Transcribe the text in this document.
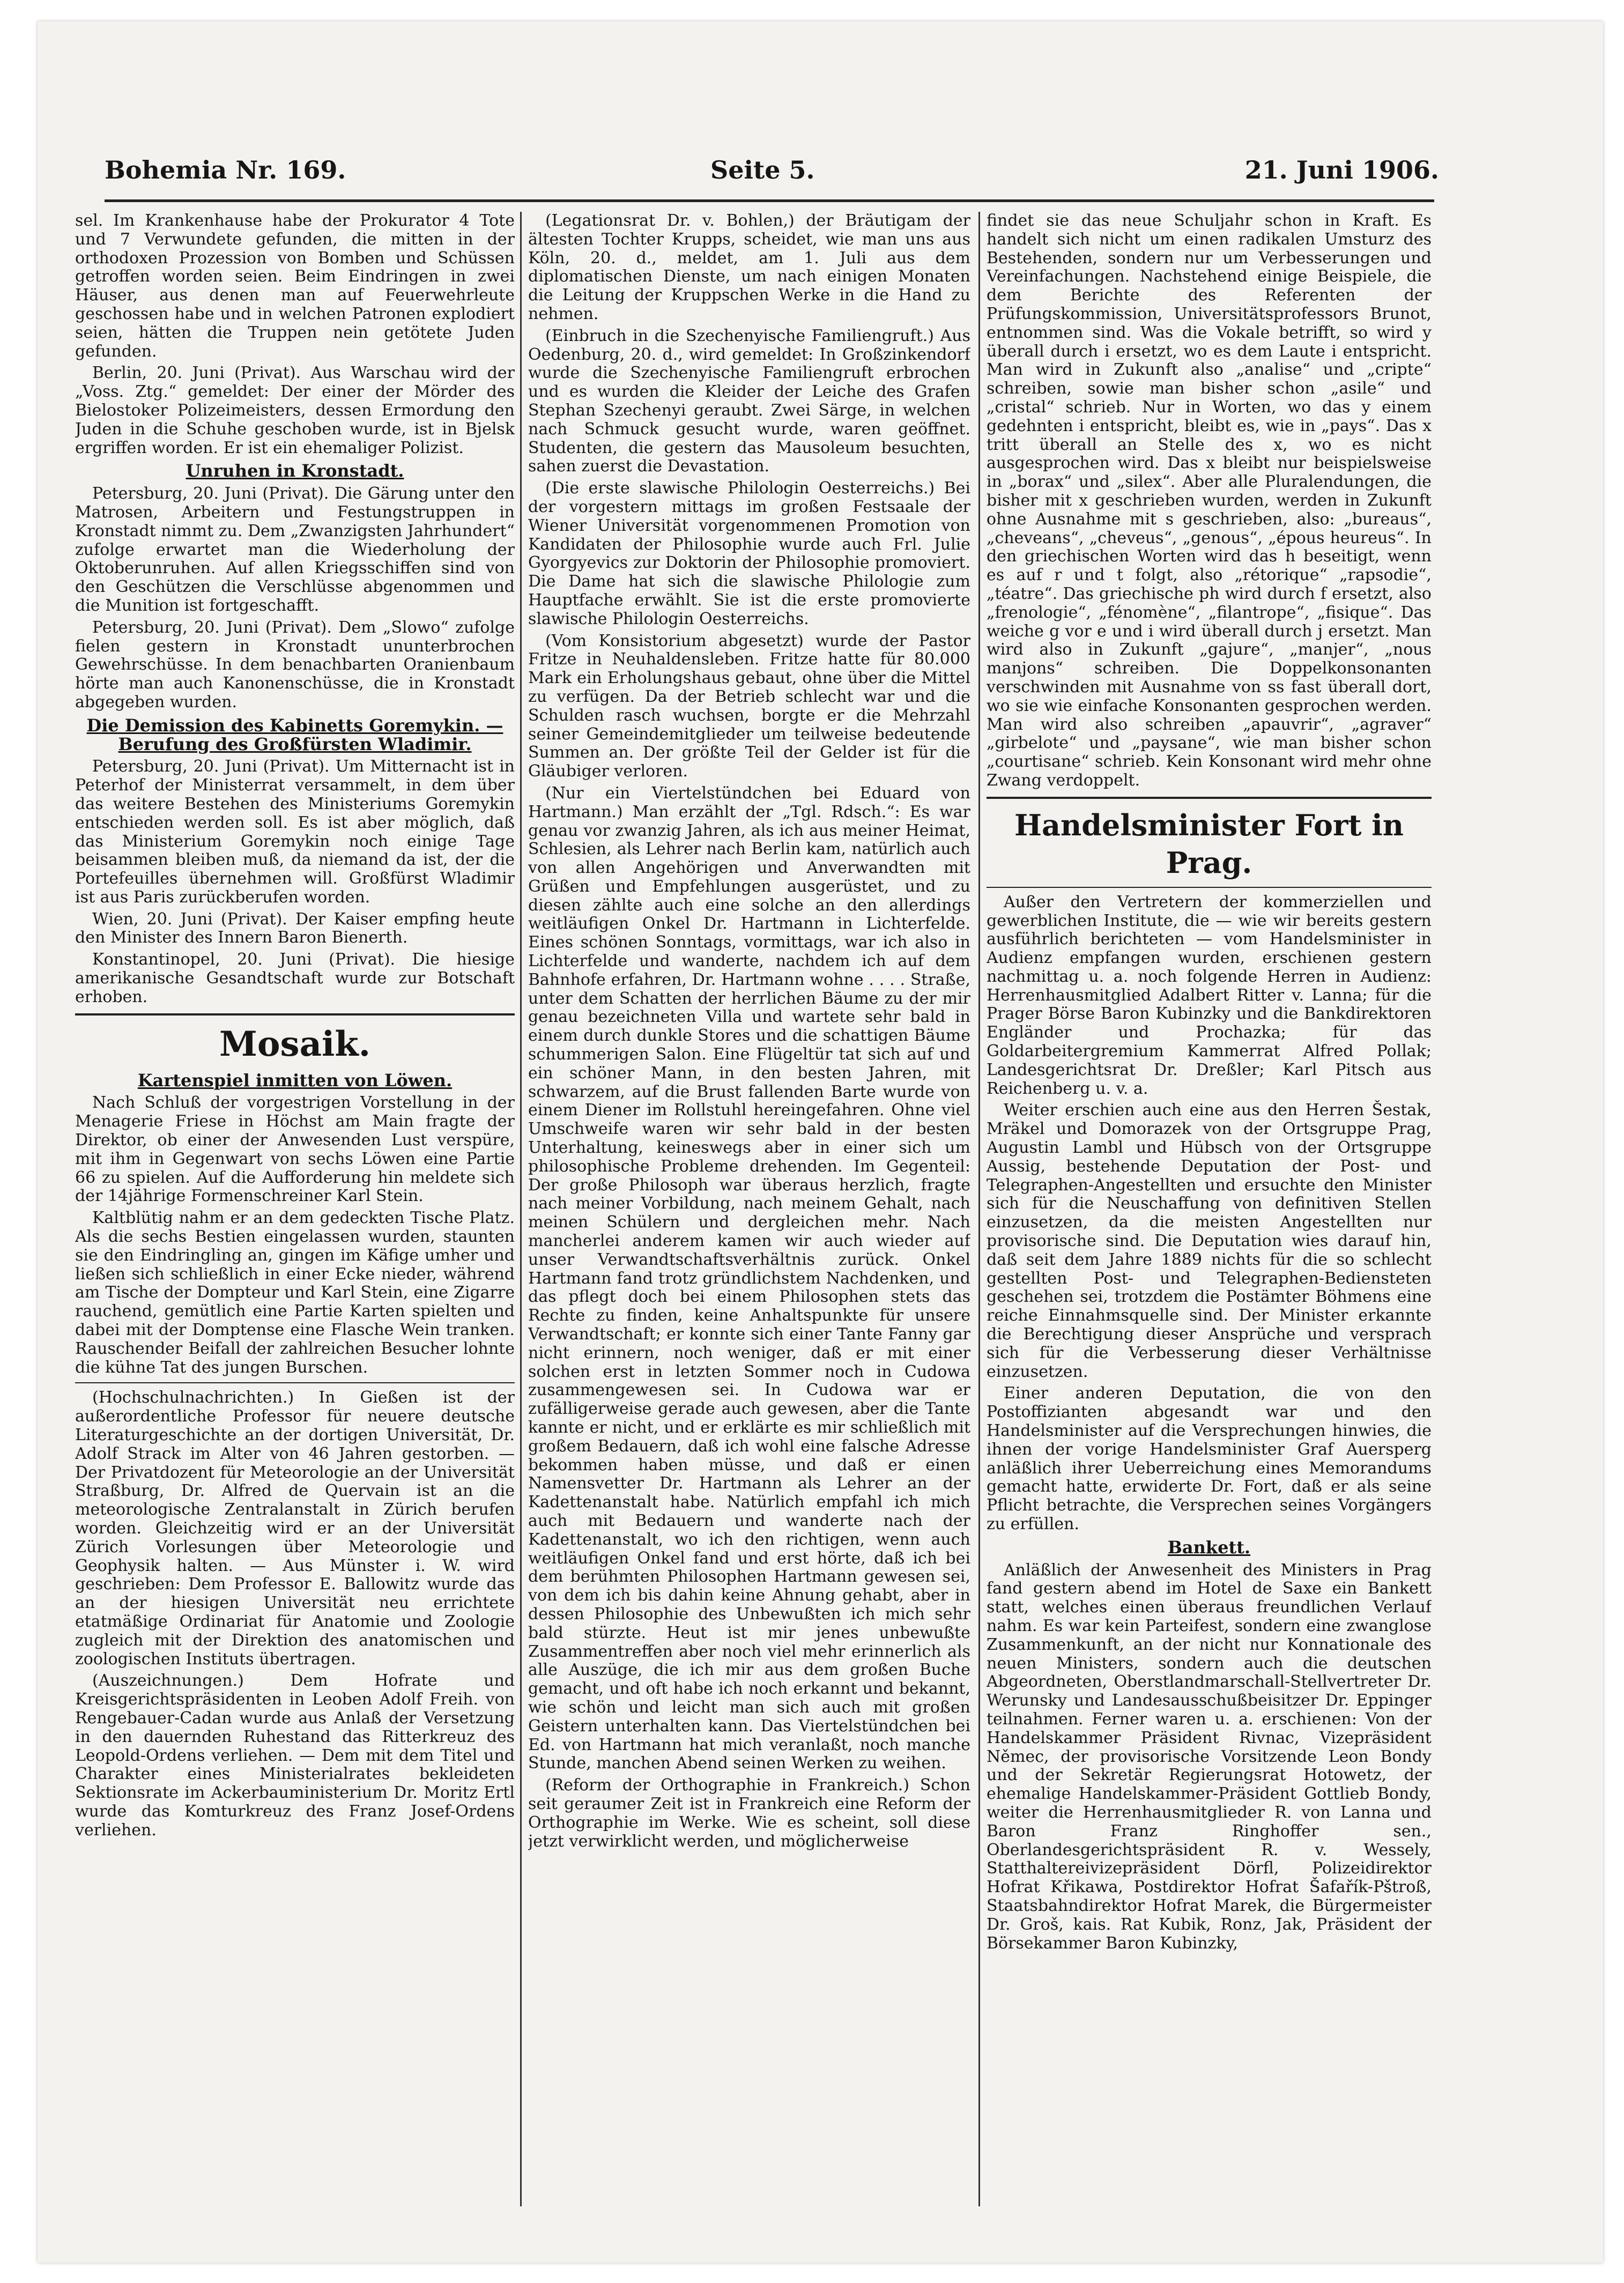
Bohemia Nr. 169.	Seite 5.	21. Juni 1906.

sel. Im Krankenhause habe der Prokurator 4 Tote und 7 Verwundete gefunden, die mitten in der orthodoxen Prozession von Bomben und Schüssen getroffen worden seien. Beim Eindringen in zwei Häuser, aus denen man auf Feuerwehrleute geschossen habe und in welchen Patronen explodiert seien, hätten die Truppen nein getötete Juden gefunden.

Berlin, 20. Juni (Privat). Aus Warschau wird der „Voss. Ztg.“ gemeldet: Der einer der Mörder des Bielostoker Polizeimeisters, dessen Ermordung den Juden in die Schuhe geschoben wurde, ist in Bjelsk ergriffen worden. Er ist ein ehemaliger Polizist.

Unruhen in Kronstadt.

Petersburg, 20. Juni (Privat). Die Gärung unter den Matrosen, Arbeitern und Festungstruppen in Kronstadt nimmt zu. Dem „Zwanzigsten Jahrhundert“ zufolge erwartet man die Wiederholung der Oktoberunruhen. Auf allen Kriegsschiffen sind von den Geschützen die Verschlüsse abgenommen und die Munition ist fortgeschafft.

Petersburg, 20. Juni (Privat). Dem „Slowo“ zufolge fielen gestern in Kronstadt ununterbrochen Gewehrschüsse. In dem benachbarten Oranienbaum hörte man auch Kanonenschüsse, die in Kronstadt abgegeben wurden.

Die Demission des Kabinetts Goremykin. — Berufung des Großfürsten Wladimir.

Petersburg, 20. Juni (Privat). Um Mitternacht ist in Peterhof der Ministerrat versammelt, in dem über das weitere Bestehen des Ministeriums Goremykin entschieden werden soll. Es ist aber möglich, daß das Ministerium Goremykin noch einige Tage beisammen bleiben muß, da niemand da ist, der die Portefeuilles übernehmen will. Großfürst Wladimir ist aus Paris zurückberufen worden.

Wien, 20. Juni (Privat). Der Kaiser empfing heute den Minister des Innern Baron Bienerth.

Konstantinopel, 20. Juni (Privat). Die hiesige amerikanische Gesandtschaft wurde zur Botschaft erhoben.

Mosaik.
Kartenspiel inmitten von Löwen.

Nach Schluß der vorgestrigen Vorstellung in der Menagerie Friese in Höchst am Main fragte der Direktor, ob einer der Anwesenden Lust verspüre, mit ihm in Gegenwart von sechs Löwen eine Partie 66 zu spielen. Auf die Aufforderung hin meldete sich der 14jährige Formenschreiner Karl Stein.

Kaltblütig nahm er an dem gedeckten Tische Platz. Als die sechs Bestien eingelassen wurden, staunten sie den Eindringling an, gingen im Käfige umher und ließen sich schließlich in einer Ecke nieder, während am Tische der Dompteur und Karl Stein, eine Zigarre rauchend, gemütlich eine Partie Karten spielten und dabei mit der Domptense eine Flasche Wein tranken. Rauschender Beifall der zahlreichen Besucher lohnte die kühne Tat des jungen Burschen.

(Hochschulnachrichten.) In Gießen ist der außerordentliche Professor für neuere deutsche Literaturgeschichte an der dortigen Universität, Dr. Adolf Strack im Alter von 46 Jahren gestorben. — Der Privatdozent für Meteorologie an der Universität Straßburg, Dr. Alfred de Quervain ist an die meteorologische Zentralanstalt in Zürich berufen worden. Gleichzeitig wird er an der Universität Zürich Vorlesungen über Meteorologie und Geophysik halten. — Aus Münster i. W. wird geschrieben: Dem Professor E. Ballowitz wurde das an der hiesigen Universität neu errichtete etatmäßige Ordinariat für Anatomie und Zoologie zugleich mit der Direktion des anatomischen und zoologischen Instituts übertragen.

(Auszeichnungen.) Dem Hofrate und Kreisgerichtspräsidenten in Leoben Adolf Freih. von Rengebauer-Cadan wurde aus Anlaß der Versetzung in den dauernden Ruhestand das Ritterkreuz des Leopold-Ordens verliehen. — Dem mit dem Titel und Charakter eines Ministerialrates bekleideten Sektionsrate im Ackerbauministerium Dr. Moritz Ertl wurde das Komturkreuz des Franz Josef-Ordens verliehen.

(Legationsrat Dr. v. Bohlen,) der Bräutigam der ältesten Tochter Krupps, scheidet, wie man uns aus Köln, 20. d., meldet, am 1. Juli aus dem diplomatischen Dienste, um nach einigen Monaten die Leitung der Kruppschen Werke in die Hand zu nehmen.

(Einbruch in die Szechenyische Familiengruft.) Aus Oedenburg, 20. d., wird gemeldet: In Großzinkendorf wurde die Szechenyische Familiengruft erbrochen und es wurden die Kleider der Leiche des Grafen Stephan Szechenyi geraubt. Zwei Särge, in welchen nach Schmuck gesucht wurde, waren geöffnet. Studenten, die gestern das Mausoleum besuchten, sahen zuerst die Devastation.

(Die erste slawische Philologin Oesterreichs.) Bei der vorgestern mittags im großen Festsaale der Wiener Universität vorgenommenen Promotion von Kandidaten der Philosophie wurde auch Frl. Julie Gyorgyevics zur Doktorin der Philosophie promoviert. Die Dame hat sich die slawische Philologie zum Hauptfache erwählt. Sie ist die erste promovierte slawische Philologin Oesterreichs.

(Vom Konsistorium abgesetzt) wurde der Pastor Fritze in Neuhaldensleben. Fritze hatte für 80.000 Mark ein Erholungshaus gebaut, ohne über die Mittel zu verfügen. Da der Betrieb schlecht war und die Schulden rasch wuchsen, borgte er die Mehrzahl seiner Gemeindemitglieder um teilweise bedeutende Summen an. Der größte Teil der Gelder ist für die Gläubiger verloren.

(Nur ein Viertelstündchen bei Eduard von Hartmann.) Man erzählt der „Tgl. Rdsch.“: Es war genau vor zwanzig Jahren, als ich aus meiner Heimat, Schlesien, als Lehrer nach Berlin kam, natürlich auch von allen Angehörigen und Anverwandten mit Grüßen und Empfehlungen ausgerüstet, und zu diesen zählte auch eine solche an den allerdings weitläufigen Onkel Dr. Hartmann in Lichterfelde. Eines schönen Sonntags, vormittags, war ich also in Lichterfelde und wanderte, nachdem ich auf dem Bahnhofe erfahren, Dr. Hartmann wohne . . . . Straße, unter dem Schatten der herrlichen Bäume zu der mir genau bezeichneten Villa und wartete sehr bald in einem durch dunkle Stores und die schattigen Bäume schummerigen Salon. Eine Flügeltür tat sich auf und ein schöner Mann, in den besten Jahren, mit schwarzem, auf die Brust fallenden Barte wurde von einem Diener im Rollstuhl hereingefahren. Ohne viel Umschweife waren wir sehr bald in der besten Unterhaltung, keineswegs aber in einer sich um philosophische Probleme drehenden. Im Gegenteil: Der große Philosoph war überaus herzlich, fragte nach meiner Vorbildung, nach meinem Gehalt, nach meinen Schülern und dergleichen mehr. Nach mancherlei anderem kamen wir auch wieder auf unser Verwandtschaftsverhältnis zurück. Onkel Hartmann fand trotz gründlichstem Nachdenken, und das pflegt doch bei einem Philosophen stets das Rechte zu finden, keine Anhaltspunkte für unsere Verwandtschaft; er konnte sich einer Tante Fanny gar nicht erinnern, noch weniger, daß er mit einer solchen erst in letzten Sommer noch in Cudowa zusammengewesen sei. In Cudowa war er zufälligerweise gerade auch gewesen, aber die Tante kannte er nicht, und er erklärte es mir schließlich mit großem Bedauern, daß ich wohl eine falsche Adresse bekommen haben müsse, und daß er einen Namensvetter Dr. Hartmann als Lehrer an der Kadettenanstalt habe. Natürlich empfahl ich mich auch mit Bedauern und wanderte nach der Kadettenanstalt, wo ich den richtigen, wenn auch weitläufigen Onkel fand und erst hörte, daß ich bei dem berühmten Philosophen Hartmann gewesen sei, von dem ich bis dahin keine Ahnung gehabt, aber in dessen Philosophie des Unbewußten ich mich sehr bald stürzte. Heut ist mir jenes unbewußte Zusammentreffen aber noch viel mehr erinnerlich als alle Auszüge, die ich mir aus dem großen Buche gemacht, und oft habe ich noch erkannt und bekannt, wie schön und leicht man sich auch mit großen Geistern unterhalten kann. Das Viertelstündchen bei Ed. von Hartmann hat mich veranlaßt, noch manche Stunde, manchen Abend seinen Werken zu weihen.

(Reform der Orthographie in Frankreich.) Schon seit geraumer Zeit ist in Frankreich eine Reform der Orthographie im Werke. Wie es scheint, soll diese jetzt verwirklicht werden, und möglicherweise

findet sie das neue Schuljahr schon in Kraft. Es handelt sich nicht um einen radikalen Umsturz des Bestehenden, sondern nur um Verbesserungen und Vereinfachungen. Nachstehend einige Beispiele, die dem Berichte des Referenten der Prüfungskommission, Universitätsprofessors Brunot, entnommen sind. Was die Vokale betrifft, so wird y überall durch i ersetzt, wo es dem Laute i entspricht. Man wird in Zukunft also „analise“ und „cripte“ schreiben, sowie man bisher schon „asile“ und „cristal“ schrieb. Nur in Worten, wo das y einem gedehnten i entspricht, bleibt es, wie in „pays“. Das x tritt überall an Stelle des x, wo es nicht ausgesprochen wird. Das x bleibt nur beispielsweise in „borax“ und „silex“. Aber alle Pluralendungen, die bisher mit x geschrieben wurden, werden in Zukunft ohne Ausnahme mit s geschrieben, also: „bureaus“, „cheveans“, „cheveus“, „genous“, „épous heureus“. In den griechischen Worten wird das h beseitigt, wenn es auf r und t folgt, also „rétorique“ „rapsodie“, „téatre“. Das griechische ph wird durch f ersetzt, also „frenologie“, „fénomène“, „filantrope“, „fisique“. Das weiche g vor e und i wird überall durch j ersetzt. Man wird also in Zukunft „gajure“, „manjer“, „nous manjons“ schreiben. Die Doppelkonsonanten verschwinden mit Ausnahme von ss fast überall dort, wo sie wie einfache Konsonanten gesprochen werden. Man wird also schreiben „apauvrir“, „agraver“ „girbelote“ und „paysane“, wie man bisher schon „courtisane“ schrieb. Kein Konsonant wird mehr ohne Zwang verdoppelt.

Handelsminister Fort in Prag.

Außer den Vertretern der kommerziellen und gewerblichen Institute, die — wie wir bereits gestern ausführlich berichteten — vom Handelsminister in Audienz empfangen wurden, erschienen gestern nachmittag u. a. noch folgende Herren in Audienz: Herrenhausmitglied Adalbert Ritter v. Lanna; für die Prager Börse Baron Kubinzky und die Bankdirektoren Engländer und Prochazka; für das Goldarbeitergremium Kammerrat Alfred Pollak; Landesgerichtsrat Dr. Dreßler; Karl Pitsch aus Reichenberg u. v. a.

Weiter erschien auch eine aus den Herren Šestak, Mräkel und Domorazek von der Ortsgruppe Prag, Augustin Lambl und Hübsch von der Ortsgruppe Aussig, bestehende Deputation der Post- und Telegraphen-Angestellten und ersuchte den Minister sich für die Neuschaffung von definitiven Stellen einzusetzen, da die meisten Angestellten nur provisorische sind. Die Deputation wies darauf hin, daß seit dem Jahre 1889 nichts für die so schlecht gestellten Post- und Telegraphen-Bediensteten geschehen sei, trotzdem die Postämter Böhmens eine reiche Einnahmsquelle sind. Der Minister erkannte die Berechtigung dieser Ansprüche und versprach sich für die Verbesserung dieser Verhältnisse einzusetzen.

Einer anderen Deputation, die von den Postoffizianten abgesandt war und den Handelsminister auf die Versprechungen hinwies, die ihnen der vorige Handelsminister Graf Auersperg anläßlich ihrer Ueberreichung eines Memorandums gemacht hatte, erwiderte Dr. Fort, daß er als seine Pflicht betrachte, die Versprechen seines Vorgängers zu erfüllen.

Bankett.

Anläßlich der Anwesenheit des Ministers in Prag fand gestern abend im Hotel de Saxe ein Bankett statt, welches einen überaus freundlichen Verlauf nahm. Es war kein Parteifest, sondern eine zwanglose Zusammenkunft, an der nicht nur Konnationale des neuen Ministers, sondern auch die deutschen Abgeordneten, Oberstlandmarschall-Stellvertreter Dr. Werunsky und Landesausschußbeisitzer Dr. Eppinger teilnahmen. Ferner waren u. a. erschienen: Von der Handelskammer Präsident Rivnac, Vizepräsident Němec, der provisorische Vorsitzende Leon Bondy und der Sekretär Regierungsrat Hotowetz, der ehemalige Handelskammer-Präsident Gottlieb Bondy, weiter die Herrenhausmitglieder R. von Lanna und Baron Franz Ringhoffer sen., Oberlandesgerichtspräsident R. v. Wessely, Statthaltereivizepräsident Dörfl, Polizeidirektor Hofrat Křikawa, Postdirektor Hofrat Šafařík-Pštroß, Staatsbahndirektor Hofrat Marek, die Bürgermeister Dr. Groš, kais. Rat Kubik, Ronz, Jak, Präsident der Börsekammer Baron Kubinzky,
